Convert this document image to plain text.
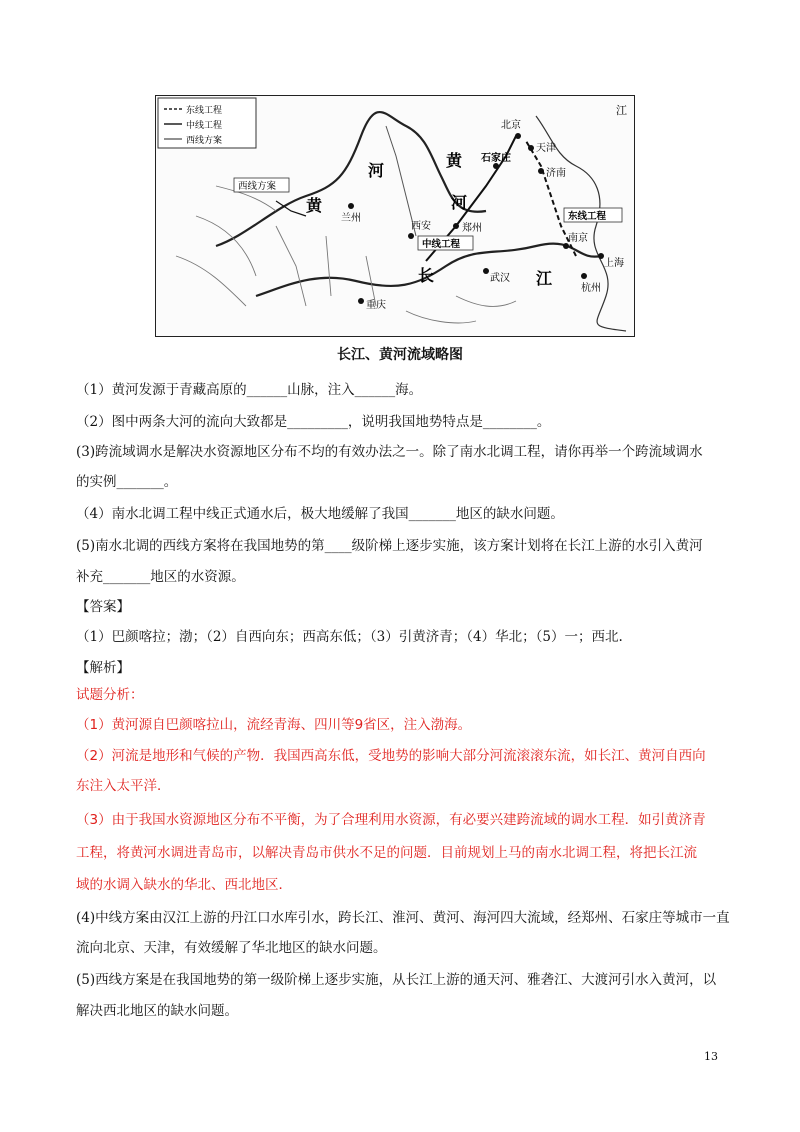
东线工程
中线工程
西线方案
北京
天津
石家庄
济南
郑州
西安
武汉
南京
上海
杭州
兰州
重庆
西线方案
中线工程
东线工程
黄
河
长	江
黄
河
江
长江、黄河流域略图
（1）黄河发源于青藏高原的______山脉，注入______海。
（2）图中两条大河的流向大致都是_________，说明我国地势特点是________。
(3)跨流域调水是解决水资源地区分布不均的有效办法之一。除了南水北调工程，请你再举一个跨流域调水
的实例_______。
（4）南水北调工程中线正式通水后，极大地缓解了我国_______地区的缺水问题。
(5)南水北调的西线方案将在我国地势的第____级阶梯上逐步实施，该方案计划将在长江上游的水引入黄河
补充_______地区的水资源。
【答案】
（1）巴颜喀拉；渤；（2）自西向东；西高东低；（3）引黄济青；（4）华北；（5）一；西北.
【解析】
试题分析：
（1）黄河源自巴颜喀拉山，流经青海、四川等9省区，注入渤海。
（2）河流是地形和气候的产物．我国西高东低，受地势的影响大部分河流滚滚东流，如长江、黄河自西向
东注入太平洋．
（3）由于我国水资源地区分布不平衡，为了合理利用水资源，有必要兴建跨流域的调水工程．如引黄济青
工程，将黄河水调进青岛市，以解决青岛市供水不足的问题．目前规划上马的南水北调工程，将把长江流
域的水调入缺水的华北、西北地区．
(4)中线方案由汉江上游的丹江口水库引水，跨长江、淮河、黄河、海河四大流域，经郑州、石家庄等城市一直
流向北京、天津，有效缓解了华北地区的缺水问题。
(5)西线方案是在我国地势的第一级阶梯上逐步实施，从长江上游的通天河、雅砻江、大渡河引水入黄河，以
解决西北地区的缺水问题。
13
